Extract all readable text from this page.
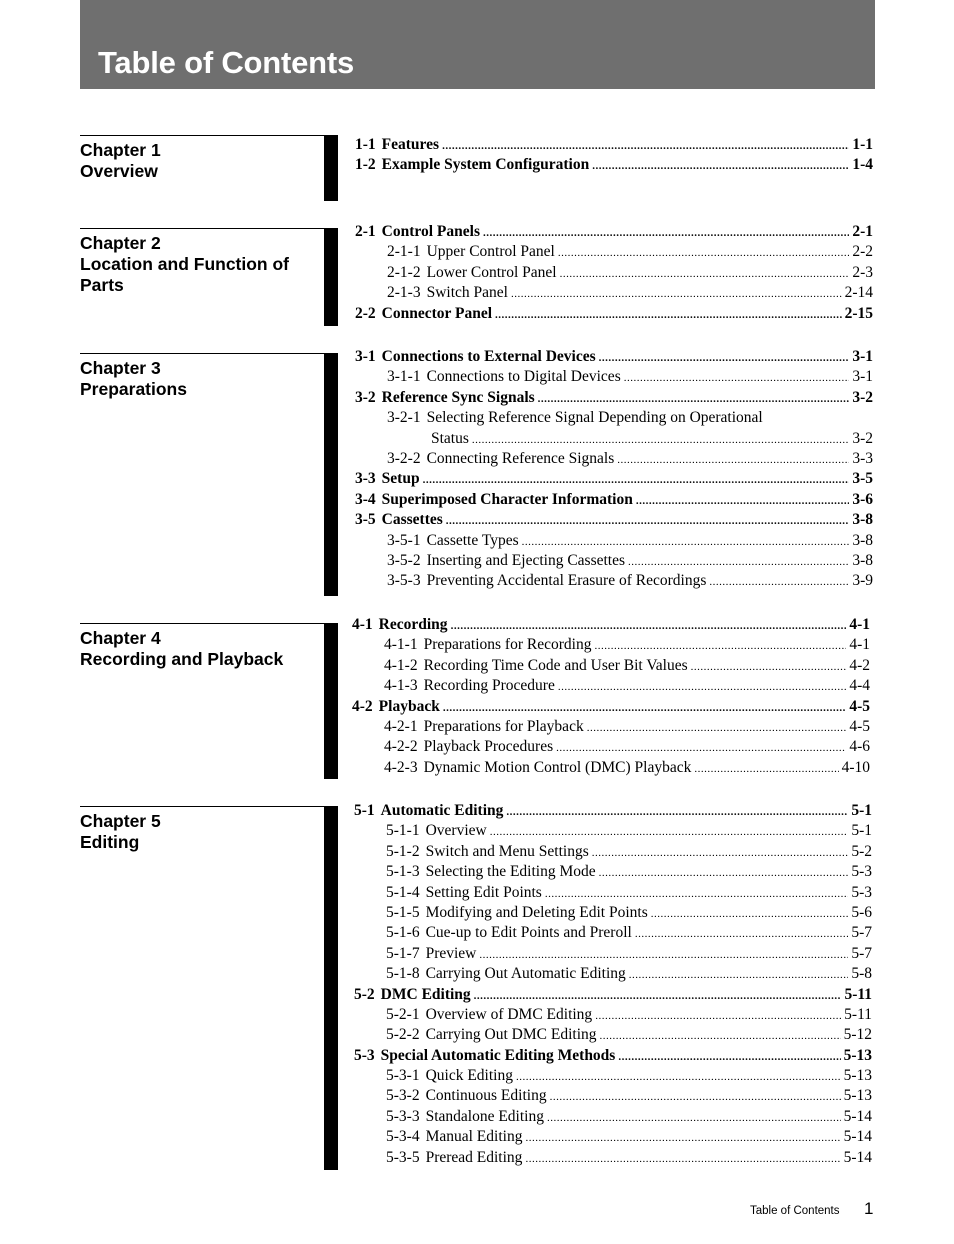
Table of Contents
Chapter 1
Overview
1-1 Features .....	1-1
1-2 Example System Configuration .....	1-4
Chapter 2
Location and Function of
Parts
2-1 Control Panels .....	2-1
2-1-1 Upper Control Panel .....	2-2
2-1-2 Lower Control Panel .....	2-3
2-1-3 Switch Panel .....	2-14
2-2 Connector Panel .....	2-15
Chapter 3
Preparations
3-1 Connections to External Devices .....	3-1
3-1-1 Connections to Digital Devices .....	3-1
3-2 Reference Sync Signals .....	3-2
3-2-1 Selecting Reference Signal Depending on Operational
Status .....	3-2
3-2-2 Connecting Reference Signals .....	3-3
3-3 Setup .....	3-5
3-4 Superimposed Character Information .....	3-6
3-5 Cassettes .....	3-8
3-5-1 Cassette Types .....	3-8
3-5-2 Inserting and Ejecting Cassettes .....	3-8
3-5-3 Preventing Accidental Erasure of Recordings .....	3-9
Chapter 4
Recording and Playback
4-1 Recording .....	4-1
4-1-1 Preparations for Recording .....	4-1
4-1-2 Recording Time Code and User Bit Values .....	4-2
4-1-3 Recording Procedure .....	4-4
4-2 Playback .....	4-5
4-2-1 Preparations for Playback .....	4-5
4-2-2 Playback Procedures .....	4-6
4-2-3 Dynamic Motion Control (DMC) Playback .....	4-10
Chapter 5
Editing
5-1 Automatic Editing .....	5-1
5-1-1 Overview .....	5-1
5-1-2 Switch and Menu Settings .....	5-2
5-1-3 Selecting the Editing Mode .....	5-3
5-1-4 Setting Edit Points .....	5-3
5-1-5 Modifying and Deleting Edit Points .....	5-6
5-1-6 Cue-up to Edit Points and Preroll .....	5-7
5-1-7 Preview .....	5-7
5-1-8 Carrying Out Automatic Editing .....	5-8
5-2 DMC Editing .....	5-11
5-2-1 Overview of DMC Editing .....	5-11
5-2-2 Carrying Out DMC Editing .....	5-12
5-3 Special Automatic Editing Methods .....	5-13
5-3-1 Quick Editing .....	5-13
5-3-2 Continuous Editing .....	5-13
5-3-3 Standalone Editing .....	5-14
5-3-4 Manual Editing .....	5-14
5-3-5 Preread Editing .....	5-14
Table of Contents 1
